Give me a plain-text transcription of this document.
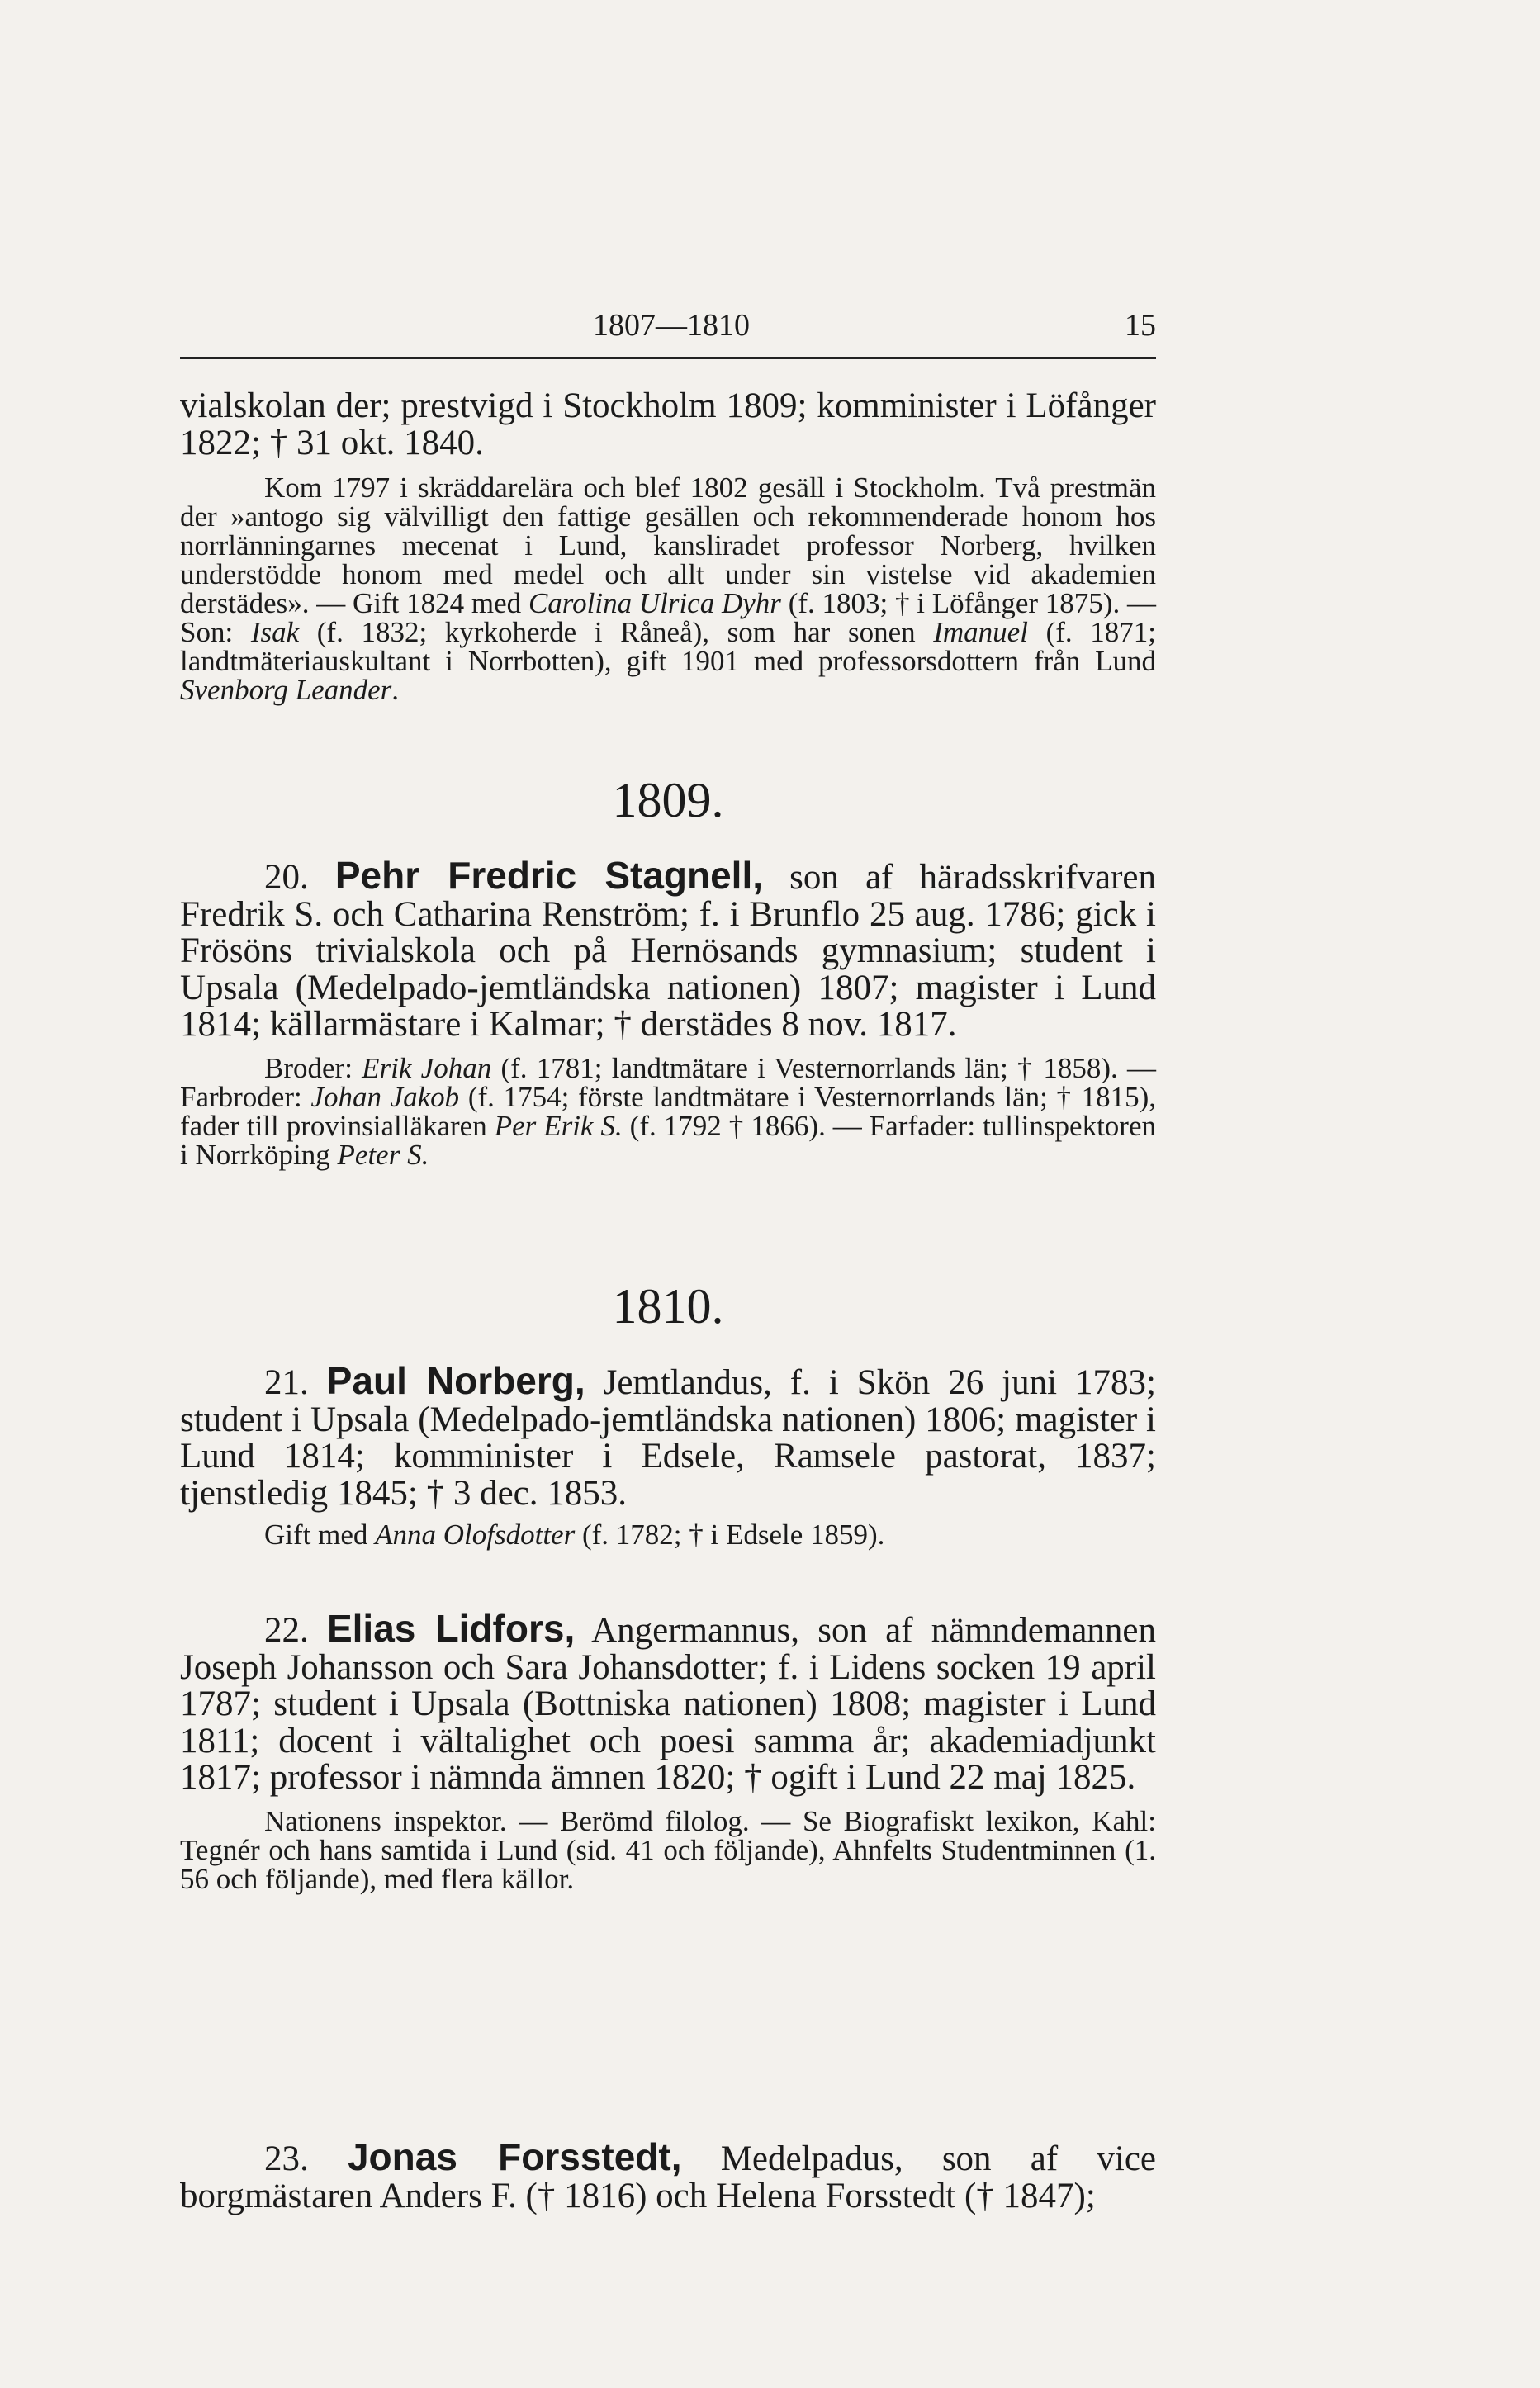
1807—1810	15

vialskolan der; prestvigd i Stockholm 1809; komminister i Löfånger 1822; † 31 okt. 1840.

Kom 1797 i skräddarelära och blef 1802 gesäll i Stockholm. Två prestmän der »antogo sig välvilligt den fattige gesällen och rekommenderade honom hos norrlänningarnes mecenat i Lund, kansliradet professor Norberg, hvilken understödde honom med medel och allt under sin vistelse vid akademien derstädes». — Gift 1824 med Carolina Ulrica Dyhr (f. 1803; † i Löfånger 1875). — Son: Isak (f. 1832; kyrkoherde i Råneå), som har sonen Imanuel (f. 1871; landtmäteriauskultant i Norrbotten), gift 1901 med professorsdottern från Lund Svenborg Leander.

1809.

20. Pehr Fredric Stagnell, son af häradsskrifvaren Fredrik S. och Catharina Renström; f. i Brunflo 25 aug. 1786; gick i Frösöns trivialskola och på Hernösands gymnasium; student i Upsala (Medelpado-jemtländska nationen) 1807; magister i Lund 1814; källarmästare i Kalmar; † derstädes 8 nov. 1817.

Broder: Erik Johan (f. 1781; landtmätare i Vesternorrlands län; † 1858). — Farbroder: Johan Jakob (f. 1754; förste landtmätare i Vesternorrlands län; † 1815), fader till provinsialläkaren Per Erik S. (f. 1792 † 1866). — Farfader: tullinspektoren i Norrköping Peter S.

1810.

21. Paul Norberg, Jemtlandus, f. i Skön 26 juni 1783; student i Upsala (Medelpado-jemtländska nationen) 1806; magister i Lund 1814; komminister i Edsele, Ramsele pastorat, 1837; tjenstledig 1845; † 3 dec. 1853.

Gift med Anna Olofsdotter (f. 1782; † i Edsele 1859).

22. Elias Lidfors, Angermannus, son af nämndemannen Joseph Johansson och Sara Johansdotter; f. i Lidens socken 19 april 1787; student i Upsala (Bottniska nationen) 1808; magister i Lund 1811; docent i vältalighet och poesi samma år; akademiadjunkt 1817; professor i nämnda ämnen 1820; † ogift i Lund 22 maj 1825.

Nationens inspektor. — Berömd filolog. — Se Biografiskt lexikon, Kahl: Tegnér och hans samtida i Lund (sid. 41 och följande), Ahnfelts Studentminnen (1. 56 och följande), med flera källor.

23. Jonas Forsstedt, Medelpadus, son af vice borgmästaren Anders F. († 1816) och Helena Forsstedt († 1847);
